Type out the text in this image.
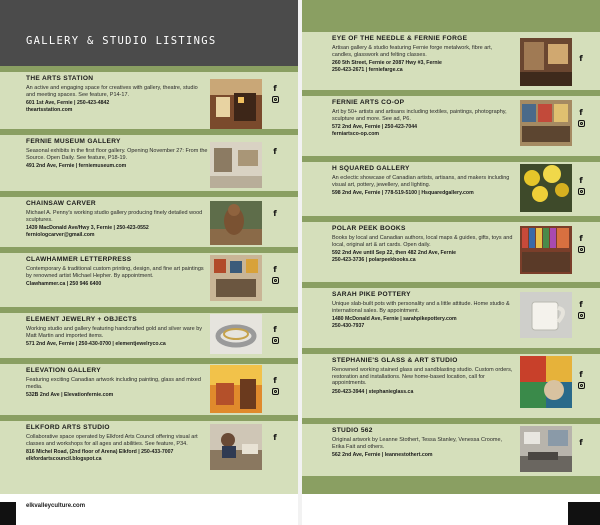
GALLERY & STUDIO LISTINGS
THE ARTS STATION
An active and engaging space for creatives with gallery, theatre, studio and meeting spaces. See feature, P14-17.
601 1st Ave, Fernie | 250-423-4842
theartsstation.com
f
FERNIE MUSEUM GALLERY
Seasonal exhibits in the first floor gallery. Opening November 27: From the Source. Open Daily. See feature, P18-19.
491 2nd Ave, Fernie | ferniemuseum.com
f
CHAINSAW CARVER
Michael A. Penny's working studio gallery producing finely detailed wood sculptures.
1439 MacDonald Ave/Hwy 3, Fernie | 250-423-0552
ferniologcarver@gmail.com
f
CLAWHAMMER LETTERPRESS
Contemporary & traditional custom printing, design, and fine art paintings by renowned artist Michael Hepher. By appointment.
Clawhammer.ca | 250 946 6400
f
ELEMENT JEWELRY + OBJECTS
Working studio and gallery featuring handcrafted gold and silver ware by Matt Martin and imported items.
571 2nd Ave, Fernie | 250-430-0700 | elementjewelryco.ca
f
ELEVATION GALLERY
Featuring exciting Canadian artwork including painting, glass and mixed media.
532B 2nd Ave | Elevationfernie.com
f
ELKFORD ARTS STUDIO
Collaborative space operated by Elkford Arts Council offering visual art classes and workshops for all ages and abilities. See feature, P34.
816 Michel Road, (2nd floor of Arena) Elkford | 250-433-7007
elkfordartscouncil.blogspot.ca
f
elkvalleyculture.com
EYE OF THE NEEDLE & FERNIE FORGE
Artisan gallery & studio featuring Fernie forge metalwork, fibre art, candles, glasswork and felting classes.
260 5th Street, Fernie or 2087 Hwy #3, Fernie
250-423-2671 | ferniefarge.ca
f
FERNIE ARTS CO-OP
Art by 50+ artists and artisans including textiles, paintings, photography, sculpture and more. See ad, P6.
572 2nd Ave, Fernie | 250-423-7044
ferniartsco-op.com
f
H SQUARED GALLERY
An eclectic showcase of Canadian artists, artisans, and makers including visual art, pottery, jewellery, and lighting.
598 2nd Ave, Fernie | 778-519-5100 | Hsquaredgallery.com
f
POLAR PEEK BOOKS
Books by local and Canadian authors, local maps & guides, gifts, toys and local, original art & art cards. Open daily.
592 2nd Ave until Sep 22, then 482 2nd Ave, Fernie
250-423-3736 | polarpeekbooks.ca
f
SARAH PIKE POTTERY
Unique slab-built pots with personality and a little attitude. Home studio & international sales. By appointment.
1480 McDonald Ave, Fernie | sarahpikepottery.com
250-430-7937
f
STEPHANIE'S GLASS & ART STUDIO
Renowned working stained glass and sandblasting studio. Custom orders, restoration and installations. New home-based location, call for appointments.
250-423-3944 | stephanieglass.ca
f
STUDIO 562
Original artwork by Leanne Stothert, Tessa Stanley, Venessa Croome, Erika Fait and others.
562 2nd Ave, Fernie | leannestothert.com
f
